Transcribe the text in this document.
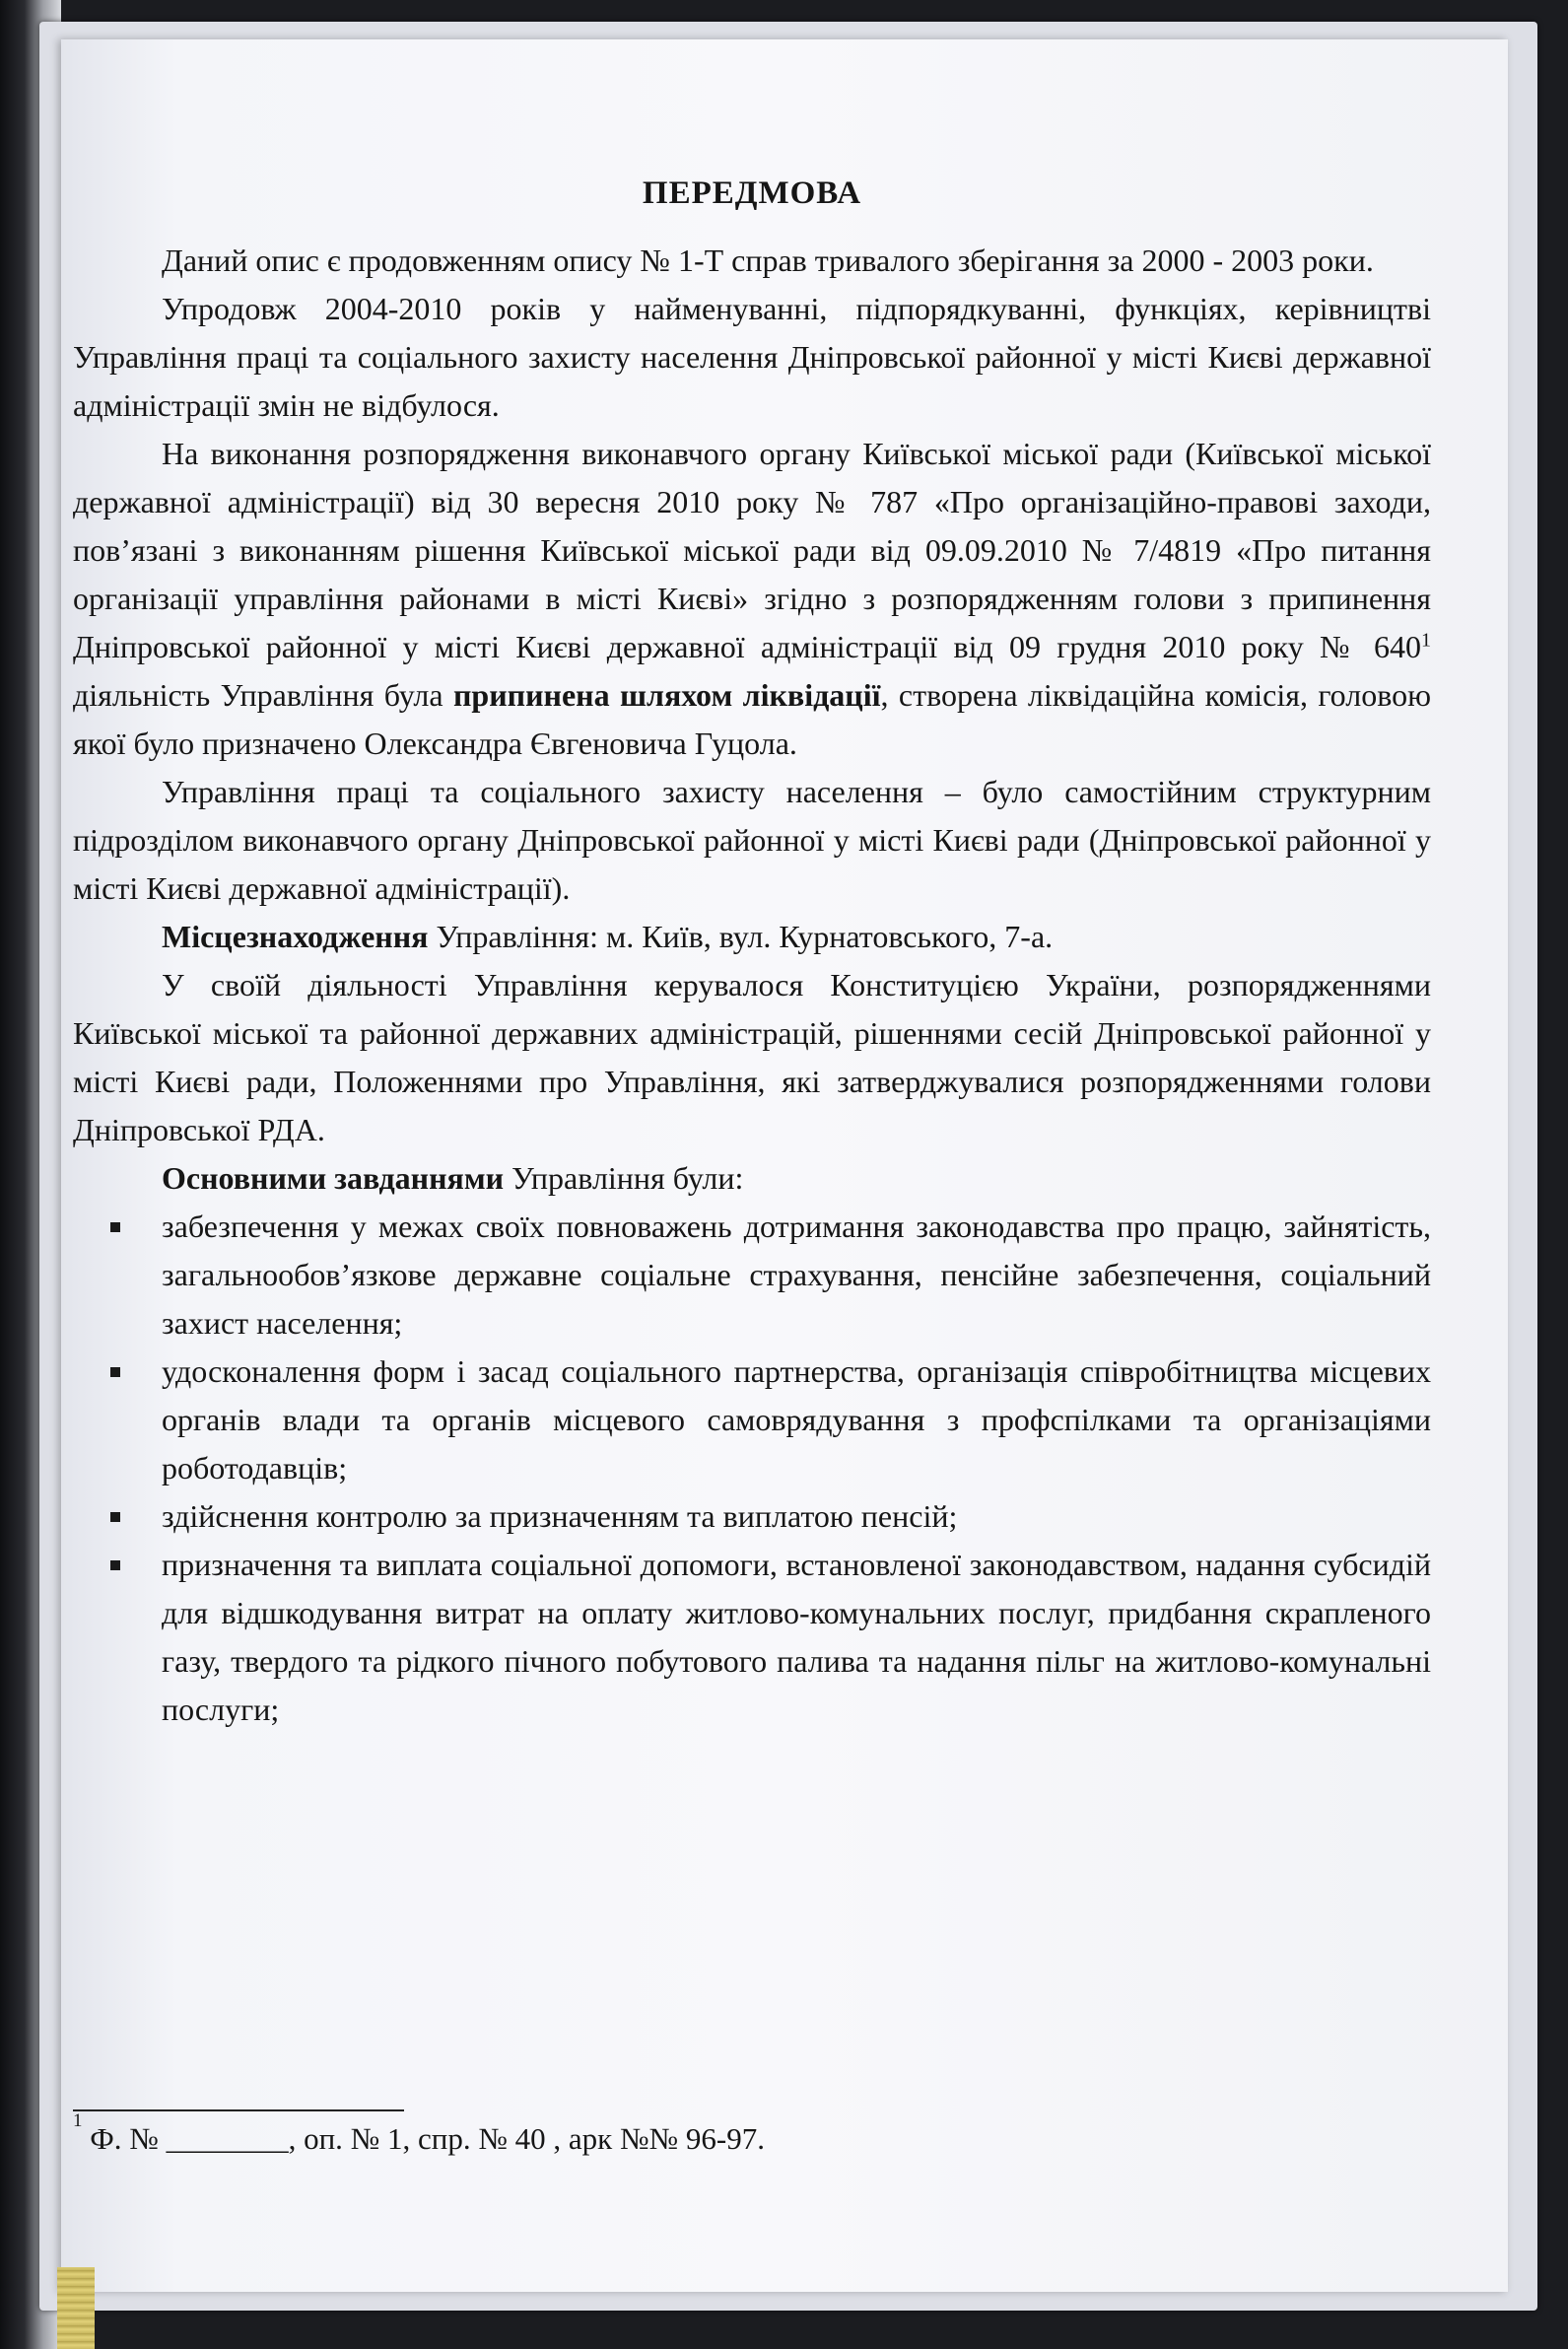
ПЕРЕДМОВА

Даний опис є продовженням опису № 1-Т справ тривалого зберігання за 2000 - 2003 роки.

Упродовж 2004-2010 років у найменуванні, підпорядкуванні, функціях, керівництві Управління праці та соціального захисту населення Дніпровської районної у місті Києві державної адміністрації змін не відбулося.

На виконання розпорядження виконавчого органу Київської міської ради (Київської міської державної адміністрації) від 30 вересня 2010 року № 787 «Про організаційно-правові заходи, пов’язані з виконанням рішення Київської міської ради від 09.09.2010 № 7/4819 «Про питання організації управління районами в місті Києві» згідно з розпорядженням голови з припинення Дніпровської районної у місті Києві державної адміністрації від 09 грудня 2010 року № $640^1$ діяльність Управління була припинена шляхом ліквідації, створена ліквідаційна комісія, головою якої було призначено Олександра Євгеновича Гуцола.

Управління праці та соціального захисту населення – було самостійним структурним підрозділом виконавчого органу Дніпровської районної у місті Києві ради (Дніпровської районної у місті Києві державної адміністрації).

Місцезнаходження Управління: м. Київ, вул. Курнатовського, 7-а.

У своїй діяльності Управління керувалося Конституцією України, розпорядженнями Київської міської та районної державних адміністрацій, рішеннями сесій Дніпровської районної у місті Києві ради, Положеннями про Управління, які затверджувалися розпорядженнями голови Дніпровської РДА.

Основними завданнями Управління були:

забезпечення у межах своїх повноважень дотримання законодавства про працю, зайнятість, загальнообов’язкове державне соціальне страхування, пенсійне забезпечення, соціальний захист населення;
удосконалення форм і засад соціального партнерства, організація співробітництва місцевих органів влади та органів місцевого самоврядування з профспілками та організаціями роботодавців;
здійснення контролю за призначенням та виплатою пенсій;
призначення та виплата соціальної допомоги, встановленої законодавством, надання субсидій для відшкодування витрат на оплату житлово-комунальних послуг, придбання скрапленого газу, твердого та рідкого пічного побутового палива та надання пільг на житлово-комунальні послуги;
$^1$ Ф. № ________, оп. № 1, спр. № 40 , арк №№ 96-97.
